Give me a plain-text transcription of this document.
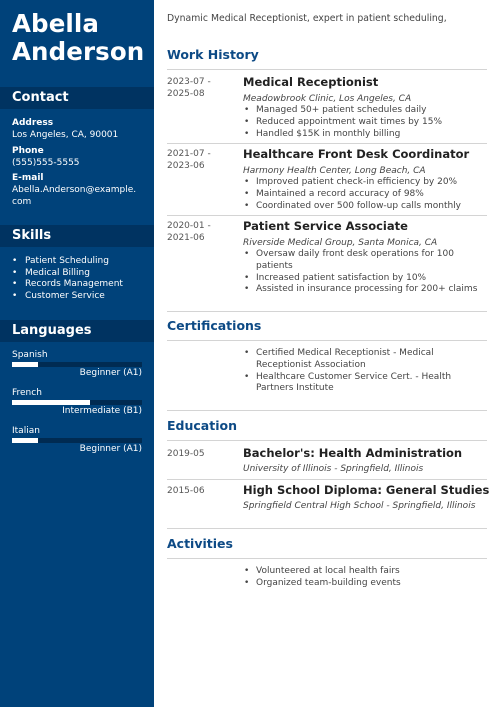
Abella
Anderson
Contact
Address
Los Angeles, CA, 90001
Phone
(555)555-5555
E-mail
Abella.Anderson@example.
com
Skills
• Patient Scheduling
• Medical Billing
• Records Management
• Customer Service
Languages
Spanish
Beginner (A1)
French
Intermediate (B1)
Italian
Beginner (A1)
Dynamic Medical Receptionist, expert in patient scheduling,
Work History
2023-07 -
2025-08
Medical Receptionist
Meadowbrook Clinic, Los Angeles, CA
• Managed 50+ patient schedules daily
• Reduced appointment wait times by 15%
• Handled $15K in monthly billing
2021-07 -
2023-06
Healthcare Front Desk Coordinator
Harmony Health Center, Long Beach, CA
• Improved patient check-in efficiency by 20%
• Maintained a record accuracy of 98%
• Coordinated over 500 follow-up calls monthly
2020-01 -
2021-06
Patient Service Associate
Riverside Medical Group, Santa Monica, CA
• Oversaw daily front desk operations for 100 patients
• Increased patient satisfaction by 10%
• Assisted in insurance processing for 200+ claims
Certifications
• Certified Medical Receptionist - Medical Receptionist Association
• Healthcare Customer Service Cert. - Health Partners Institute
Education
2019-05	Bachelor's: Health Administration
University of Illinois - Springfield, Illinois
2015-06	High School Diploma: General Studies
Springfield Central High School - Springfield, Illinois
Activities
• Volunteered at local health fairs
• Organized team-building events
